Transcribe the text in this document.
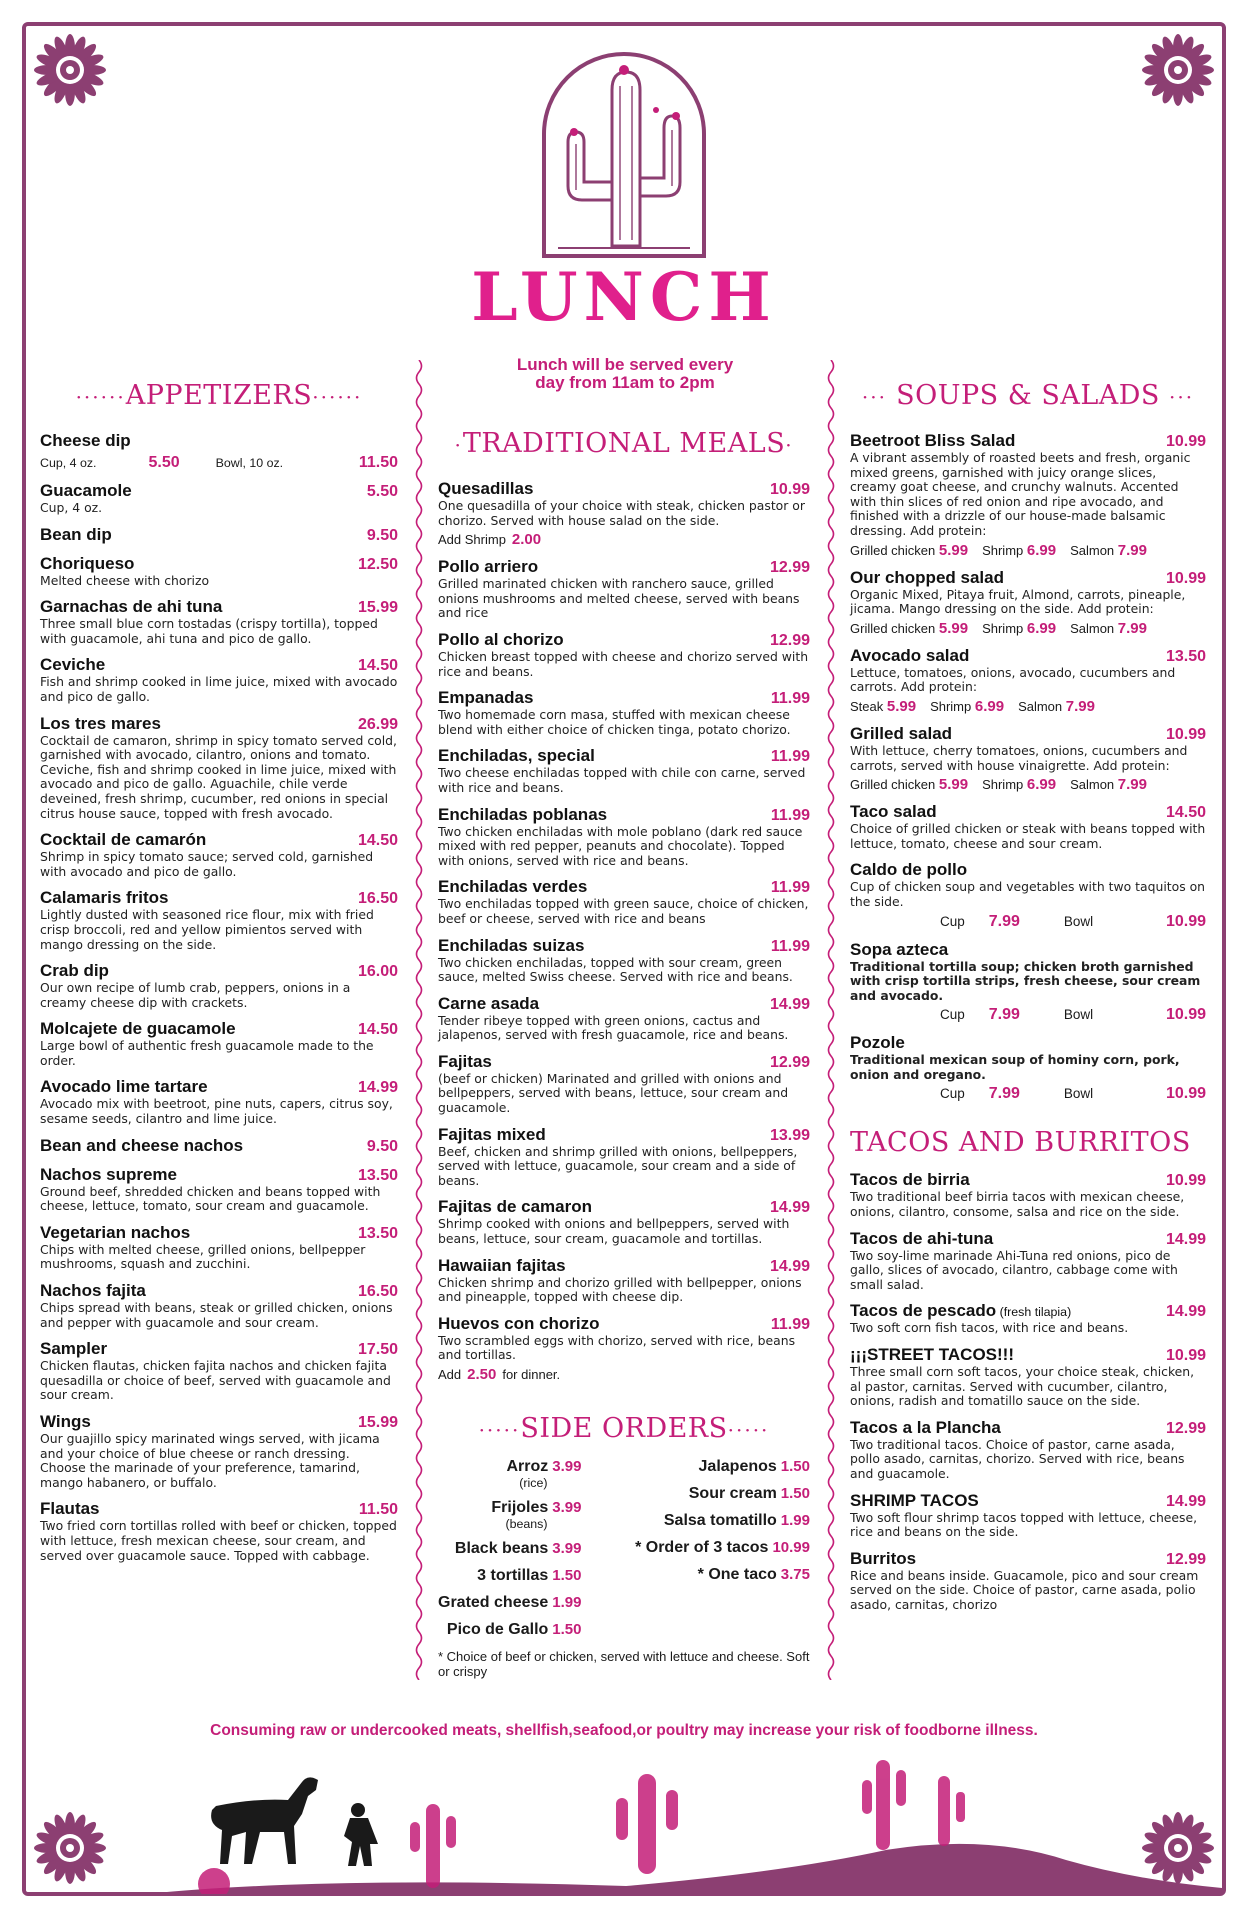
LUNCH
Lunch will be served every
day from 11am to 2pm
······APPETIZERS······
Cheese dip
Cup, 4 oz.	5.50	Bowl, 10 oz.	11.50
Guacamole	5.50
Cup, 4 oz.
Bean dip	9.50
Choriqueso	12.50
Melted cheese with chorizo
Garnachas de ahi tuna	15.99
Three small blue corn tostadas (crispy tortilla), topped with guacamole, ahi tuna and pico de gallo.
Ceviche	14.50
Fish and shrimp cooked in lime juice, mixed with avocado and pico de gallo.
Los tres mares	26.99
Cocktail de camaron, shrimp in spicy tomato served cold, garnished with avocado, cilantro, onions and tomato. Ceviche, fish and shrimp cooked in lime juice, mixed with avocado and pico de gallo. Aguachile, chile verde deveined, fresh shrimp, cucumber, red onions in special citrus house sauce, topped with fresh avocado.
Cocktail de camarón	14.50
Shrimp in spicy tomato sauce; served cold, garnished with avocado and pico de gallo.
Calamaris fritos	16.50
Lightly dusted with seasoned rice flour, mix with fried crisp broccoli, red and yellow pimientos served with mango dressing on the side.
Crab dip	16.00
Our own recipe of lumb crab, peppers, onions in a creamy cheese dip with crackets.
Molcajete de guacamole	14.50
Large bowl of authentic fresh guacamole made to the order.
Avocado lime tartare	14.99
Avocado mix with beetroot, pine nuts, capers, citrus soy, sesame seeds, cilantro and lime juice.
Bean and cheese nachos	9.50
Nachos supreme	13.50
Ground beef, shredded chicken and beans topped with cheese, lettuce, tomato, sour cream and guacamole.
Vegetarian nachos	13.50
Chips with melted cheese, grilled onions, bellpepper mushrooms, squash and zucchini.
Nachos fajita	16.50
Chips spread with beans, steak or grilled chicken, onions and pepper with guacamole and sour cream.
Sampler	17.50
Chicken flautas, chicken fajita nachos and chicken fajita quesadilla or choice of beef, served with guacamole and sour cream.
Wings	15.99
Our guajillo spicy marinated wings served, with jicama and your choice of blue cheese or ranch dressing. Choose the marinade of your preference, tamarind, mango habanero, or buffalo.
Flautas	11.50
Two fried corn tortillas rolled with beef or chicken, topped with lettuce, fresh mexican cheese, sour cream, and served over guacamole sauce. Topped with cabbage.
·TRADITIONAL MEALS·
Quesadillas	10.99
One quesadilla of your choice with steak, chicken pastor or chorizo. Served with house salad on the side.
Add Shrimp 2.00
Pollo arriero	12.99
Grilled marinated chicken with ranchero sauce, grilled onions mushrooms and melted cheese, served with beans and rice
Pollo al chorizo	12.99
Chicken breast topped with cheese and chorizo served with rice and beans.
Empanadas	11.99
Two homemade corn masa, stuffed with mexican cheese blend with either choice of chicken tinga, potato chorizo.
Enchiladas, special	11.99
Two cheese enchiladas topped with chile con carne, served with rice and beans.
Enchiladas poblanas	11.99
Two chicken enchiladas with mole poblano (dark red sauce mixed with red pepper, peanuts and chocolate). Topped with onions, served with rice and beans.
Enchiladas verdes	11.99
Two enchiladas topped with green sauce, choice of chicken, beef or cheese, served with rice and beans
Enchiladas suizas	11.99
Two chicken enchiladas, topped with sour cream, green sauce, melted Swiss cheese. Served with rice and beans.
Carne asada	14.99
Tender ribeye topped with green onions, cactus and jalapenos, served with fresh guacamole, rice and beans.
Fajitas	12.99
(beef or chicken) Marinated and grilled with onions and bellpeppers, served with beans, lettuce, sour cream and guacamole.
Fajitas mixed	13.99
Beef, chicken and shrimp grilled with onions, bellpeppers, served with lettuce, guacamole, sour cream and a side of beans.
Fajitas de camaron	14.99
Shrimp cooked with onions and bellpeppers, served with beans, lettuce, sour cream, guacamole and tortillas.
Hawaiian fajitas	14.99
Chicken shrimp and chorizo grilled with bellpepper, onions and pineapple, topped with cheese dip.
Huevos con chorizo	11.99
Two scrambled eggs with chorizo, served with rice, beans and tortillas.
Add 2.50 for dinner.
·····SIDE ORDERS·····
Arroz 3.99
(rice)
Frijoles 3.99
(beans)
Black beans 3.99
3 tortillas 1.50
Grated cheese 1.99
Pico de Gallo 1.50
Jalapenos 1.50
Sour cream 1.50
Salsa tomatillo 1.99
* Order of 3 tacos 10.99
* One taco 3.75
* Choice of beef or chicken, served with lettuce and cheese. Soft or crispy
··· SOUPS & SALADS ···
Beetroot Bliss Salad	10.99
A vibrant assembly of roasted beets and fresh, organic mixed greens, garnished with juicy orange slices, creamy goat cheese, and crunchy walnuts. Accented with thin slices of red onion and ripe avocado, and finished with a drizzle of our house-made balsamic dressing. Add protein:
Grilled chicken 5.99 Shrimp 6.99 Salmon 7.99
Our chopped salad	10.99
Organic Mixed, Pitaya fruit, Almond, carrots, pineaple, jicama. Mango dressing on the side. Add protein:
Grilled chicken 5.99 Shrimp 6.99 Salmon 7.99
Avocado salad	13.50
Lettuce, tomatoes, onions, avocado, cucumbers and carrots. Add protein:
Steak 5.99 Shrimp 6.99 Salmon 7.99
Grilled salad	10.99
With lettuce, cherry tomatoes, onions, cucumbers and carrots, served with house vinaigrette. Add protein:
Grilled chicken 5.99 Shrimp 6.99 Salmon 7.99
Taco salad	14.50
Choice of grilled chicken or steak with beans topped with lettuce, tomato, cheese and sour cream.
Caldo de pollo
Cup of chicken soup and vegetables with two taquitos on the side.
Cup 7.99	Bowl	10.99
Sopa azteca
Traditional tortilla soup; chicken broth garnished with crisp tortilla strips, fresh cheese, sour cream and avocado.
Cup 7.99	Bowl	10.99
Pozole
Traditional mexican soup of hominy corn, pork, onion and oregano.
Cup 7.99	Bowl	10.99
TACOS AND BURRITOS
Tacos de birria	10.99
Two traditional beef birria tacos with mexican cheese, onions, cilantro, consome, salsa and rice on the side.
Tacos de ahi-tuna	14.99
Two soy-lime marinade Ahi-Tuna red onions, pico de gallo, slices of avocado, cilantro, cabbage come with small salad.
Tacos de pescado (fresh tilapia)	14.99
Two soft corn fish tacos, with rice and beans.
¡¡¡STREET TACOS!!!	10.99
Three small corn soft tacos, your choice steak, chicken, al pastor, carnitas. Served with cucumber, cilantro, onions, radish and tomatillo sauce on the side.
Tacos a la Plancha	12.99
Two traditional tacos. Choice of pastor, carne asada, pollo asado, carnitas, chorizo. Served with rice, beans and guacamole.
SHRIMP TACOS	14.99
Two soft flour shrimp tacos topped with lettuce, cheese, rice and beans on the side.
Burritos	12.99
Rice and beans inside. Guacamole, pico and sour cream served on the side. Choice of pastor, carne asada, polio asado, carnitas, chorizo
Consuming raw or undercooked meats, shellfish,seafood,or poultry may increase your risk of foodborne illness.
